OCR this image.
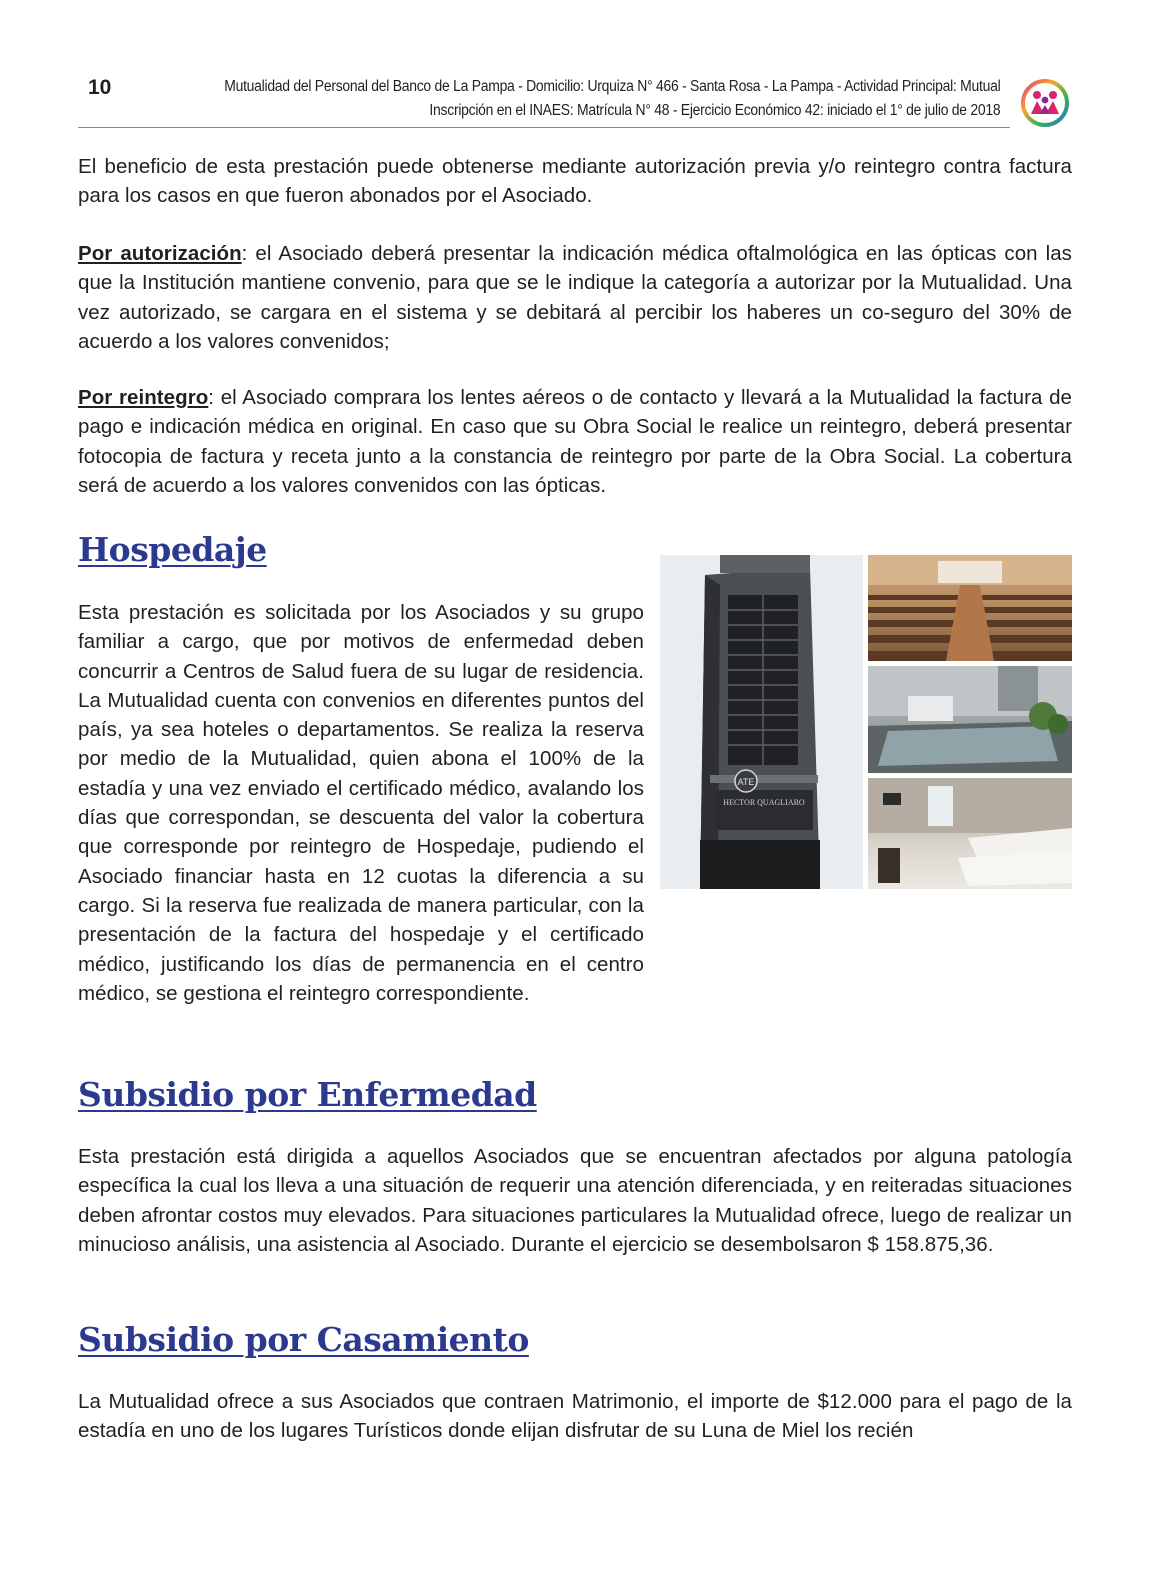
10	Mutualidad del Personal del Banco de La Pampa - Domicilio: Urquiza N° 466 - Santa Rosa - La Pampa - Actividad Principal: Mutual
Inscripción en el INAES: Matrícula N° 48 - Ejercicio Económico 42: iniciado el 1° de julio de 2018
El beneficio de esta prestación puede obtenerse mediante autorización previa y/o reintegro contra factura para los casos en que fueron abonados por el Asociado.
Por autorización: el Asociado deberá presentar la indicación médica oftalmológica en las ópticas con las que la Institución mantiene convenio, para que se le indique la categoría a autorizar por la Mutualidad. Una vez autorizado, se cargara en el sistema y se debitará al percibir los haberes un co-seguro del 30% de acuerdo a los valores convenidos;
Por reintegro: el Asociado comprara los lentes aéreos o de contacto y llevará a la Mutualidad la factura de pago e indicación médica en original. En caso que su Obra Social le realice un reintegro, deberá presentar fotocopia de factura y receta junto a la constancia de reintegro por parte de la Obra Social. La cobertura será de acuerdo a los valores convenidos con las ópticas.
Hospedaje
Esta prestación es solicitada por los Asociados y su grupo familiar a cargo, que por motivos de enfermedad deben concurrir a Centros de Salud fuera de su lugar de residencia. La Mutualidad cuenta con convenios en diferentes puntos del país, ya sea hoteles o departamentos. Se realiza la reserva por medio de la Mutualidad, quien abona el 100% de la estadía y una vez enviado el certificado médico, avalando los días que correspondan, se descuenta del valor la cobertura que corresponde por reintegro de Hospedaje, pudiendo el Asociado financiar hasta en 12 cuotas la diferencia a su cargo. Si la reserva fue realizada de manera particular, con la presentación de la factura del hospedaje y el certificado médico, justificando los días de permanencia en el centro médico, se gestiona el reintegro correspondiente.
ATE
HECTOR QUAGLIARO
Subsidio por Enfermedad
Esta prestación está dirigida a aquellos Asociados que se encuentran afectados por alguna patología específica la cual los lleva a una situación de requerir una atención diferenciada, y en reiteradas situaciones deben afrontar costos muy elevados. Para situaciones particulares la Mutualidad ofrece, luego de realizar un minucioso análisis, una asistencia al Asociado. Durante el ejercicio se desembolsaron $ 158.875,36.
Subsidio por Casamiento
La Mutualidad ofrece a sus Asociados que contraen Matrimonio, el importe de $12.000 para el pago de la estadía en uno de los lugares Turísticos donde elijan disfrutar de su Luna de Miel los recién
